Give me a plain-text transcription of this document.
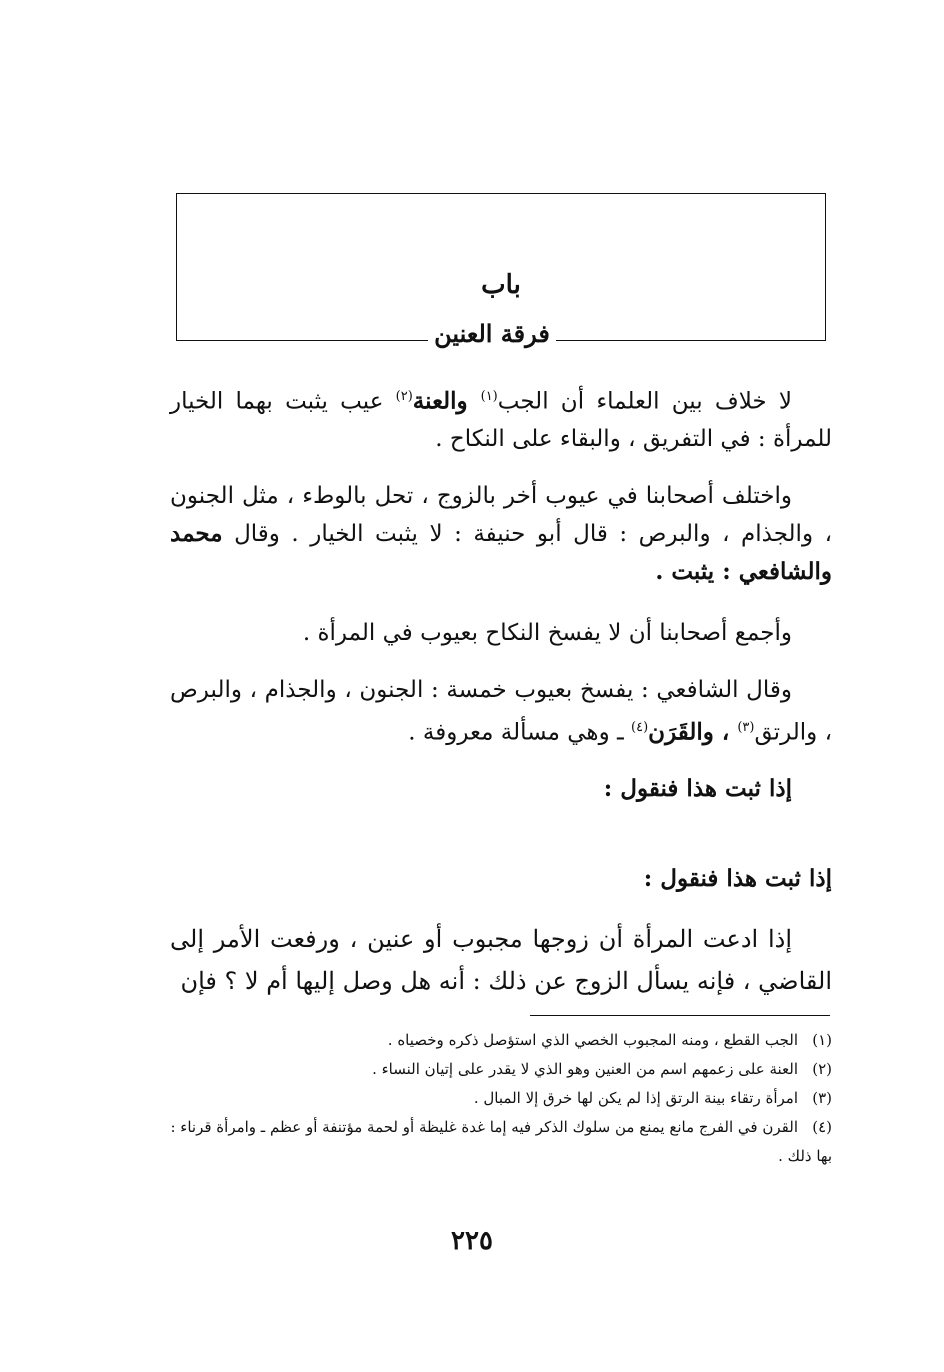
باب
فرقة العنين
لا خلاف بين العلماء أن الجب$^{(١)}$ والعنة$^{(٢)}$ عيب يثبت بهما الخيار للمرأة : في التفريق ، والبقاء على النكاح .
واختلف أصحابنا في عيوب أخر بالزوج ، تحل بالوطء ، مثل الجنون ، والجذام ، والبرص : قال أبو حنيفة : لا يثبت الخيار . وقال محمد والشافعي : يثبت .
وأجمع أصحابنا أن لا يفسخ النكاح بعيوب في المرأة .
وقال الشافعي : يفسخ بعيوب خمسة : الجنون ، والجذام ، والبرص ، والرتق$^{(٣)}$ ، والقَرَن$^{(٤)}$ ـ وهي مسألة معروفة .
إذا ثبت هذا فنقول :
إذا ثبت هذا فنقول :
إذا ادعت المرأة أن زوجها مجبوب أو عنين ، ورفعت الأمر إلى القاضي ، فإنه يسأل الزوج عن ذلك : أنه هل وصل إليها أم لا ؟ فإن
(١)الجب القطع ، ومنه المجبوب الخصي الذي استؤصل ذكره وخصياه .
(٢)العنة على زعمهم اسم من العنين وهو الذي لا يقدر على إتيان النساء .
(٣)امرأة رتقاء بينة الرتق إذا لم يكن لها خرق إلا المبال .
(٤)القرن في الفرج مانع يمنع من سلوك الذكر فيه إما غدة غليظة أو لحمة مؤتنفة أو عظم ـ وامرأة قرناء : بها ذلك .
٢٢٥
